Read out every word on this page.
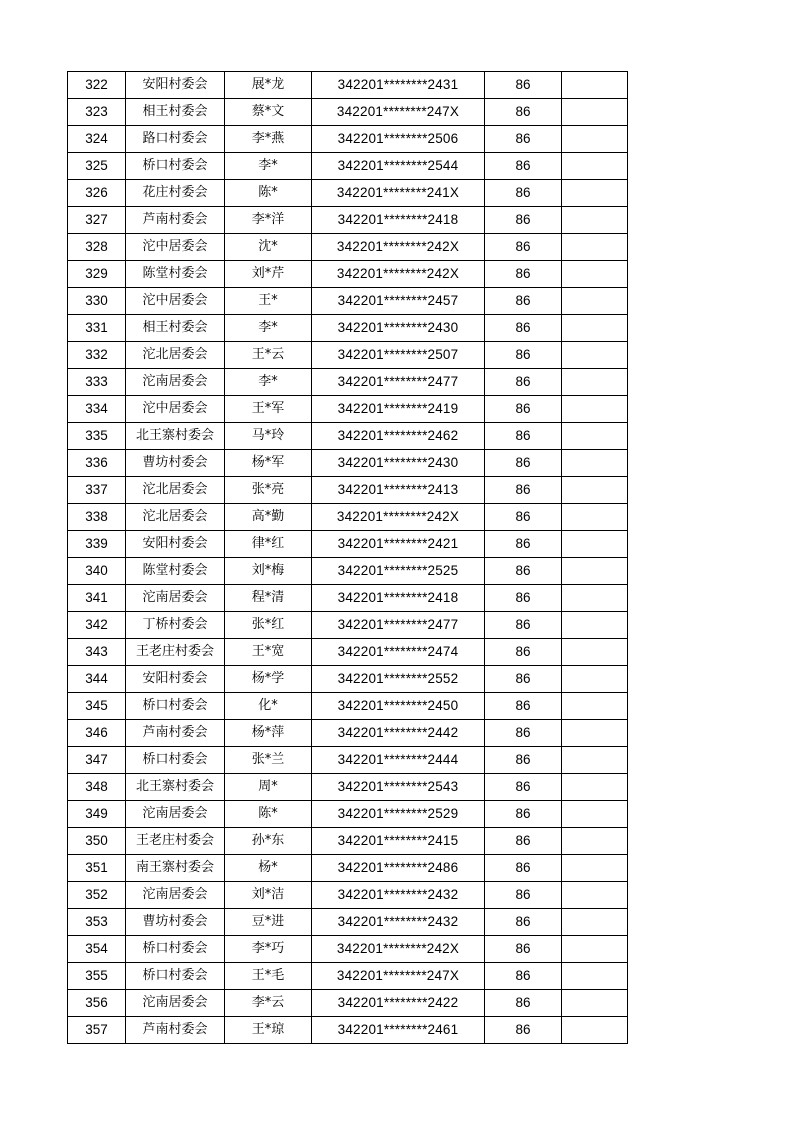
322	安阳村委会	展*龙	342201********2431	86	
323	相王村委会	蔡*文	342201********247X	86	
324	路口村委会	李*燕	342201********2506	86	
325	桥口村委会	李*	342201********2544	86	
326	花庄村委会	陈*	342201********241X	86	
327	芦南村委会	李*洋	342201********2418	86	
328	沱中居委会	沈*	342201********242X	86	
329	陈堂村委会	刘*芹	342201********242X	86	
330	沱中居委会	王*	342201********2457	86	
331	相王村委会	李*	342201********2430	86	
332	沱北居委会	王*云	342201********2507	86	
333	沱南居委会	李*	342201********2477	86	
334	沱中居委会	王*军	342201********2419	86	
335	北王寨村委会	马*玲	342201********2462	86	
336	曹坊村委会	杨*军	342201********2430	86	
337	沱北居委会	张*亮	342201********2413	86	
338	沱北居委会	高*勤	342201********242X	86	
339	安阳村委会	律*红	342201********2421	86	
340	陈堂村委会	刘*梅	342201********2525	86	
341	沱南居委会	程*清	342201********2418	86	
342	丁桥村委会	张*红	342201********2477	86	
343	王老庄村委会	王*宽	342201********2474	86	
344	安阳村委会	杨*学	342201********2552	86	
345	桥口村委会	化*	342201********2450	86	
346	芦南村委会	杨*萍	342201********2442	86	
347	桥口村委会	张*兰	342201********2444	86	
348	北王寨村委会	周*	342201********2543	86	
349	沱南居委会	陈*	342201********2529	86	
350	王老庄村委会	孙*东	342201********2415	86	
351	南王寨村委会	杨*	342201********2486	86	
352	沱南居委会	刘*洁	342201********2432	86	
353	曹坊村委会	豆*进	342201********2432	86	
354	桥口村委会	李*巧	342201********242X	86	
355	桥口村委会	王*毛	342201********247X	86	
356	沱南居委会	李*云	342201********2422	86	
357	芦南村委会	王*琼	342201********2461	86	
